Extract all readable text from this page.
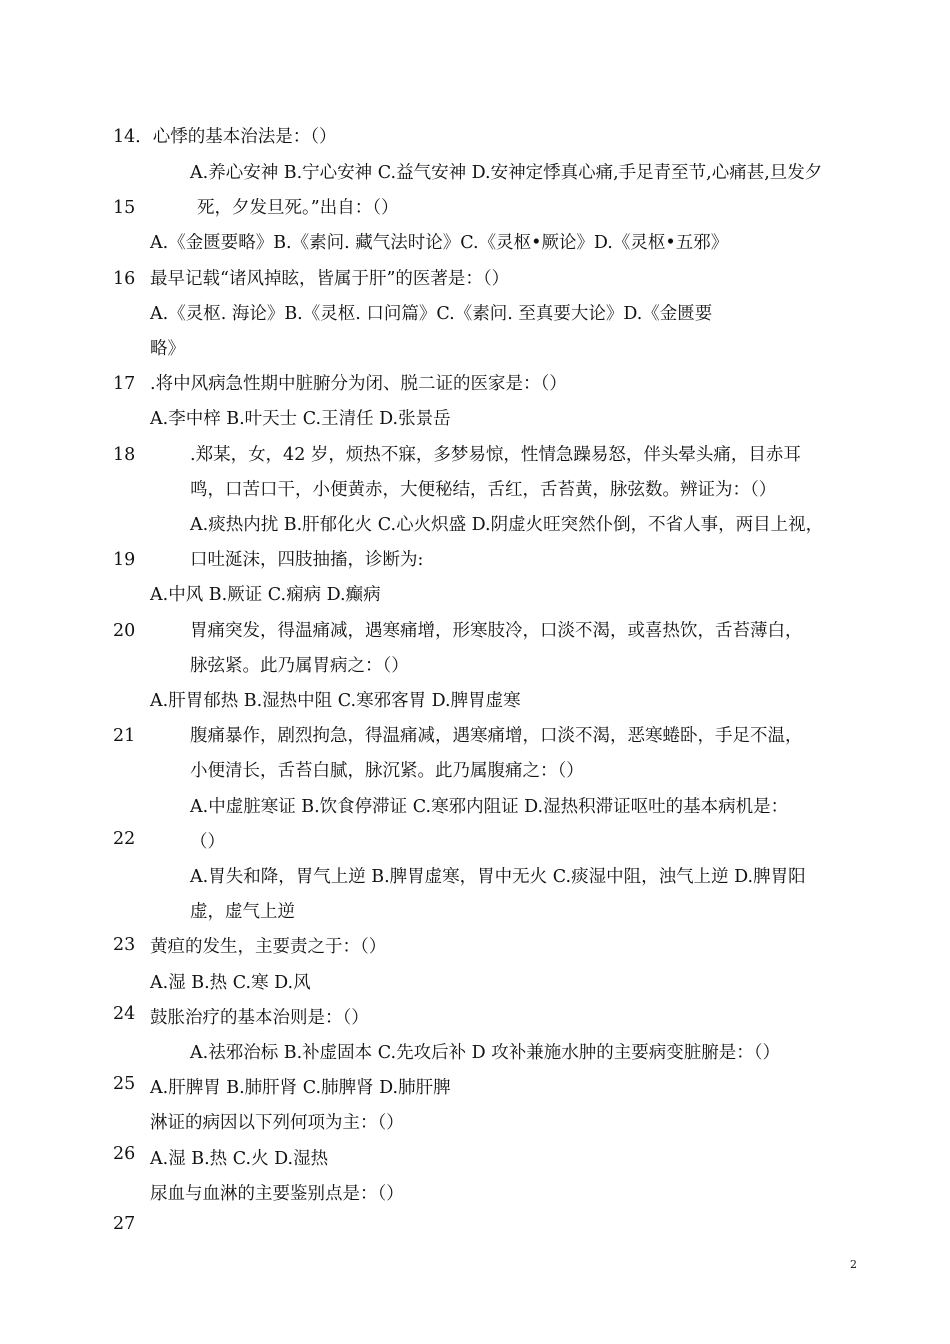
14．心悸的基本治法是：（）
A.养心安神 B.宁心安神 C.益气安神 D.安神定悸真心痛,手足青至节,心痛甚,旦发夕
死，夕发旦死。”出自：（）
A.《金匮要略》B.《素问. 藏气法时论》C.《灵枢•厥论》D.《灵枢•五邪》
最早记载“诸风掉眩，皆属于肝”的医著是：（）
A.《灵枢. 海论》B.《灵枢. 口问篇》C.《素问. 至真要大论》D.《金匮要
略》
.将中风病急性期中脏腑分为闭、脱二证的医家是：（）
A.李中梓 B.叶天士 C.王清任 D.张景岳
.郑某，女，42 岁，烦热不寐，多梦易惊，性情急躁易怒，伴头晕头痛，目赤耳
鸣，口苦口干，小便黄赤，大便秘结，舌红，舌苔黄，脉弦数。辨证为：（）
A.痰热内扰 B.肝郁化火 C.心火炽盛 D.阴虚火旺突然仆倒，不省人事，两目上视，
口吐涎沫，四肢抽搐，诊断为:
A.中风 B.厥证 C.痫病 D.癫病
胃痛突发，得温痛减，遇寒痛增，形寒肢冷，口淡不渴，或喜热饮，舌苔薄白，
脉弦紧。此乃属胃病之：（）
A.肝胃郁热 B.湿热中阻 C.寒邪客胃 D.脾胃虚寒
腹痛暴作，剧烈拘急，得温痛减，遇寒痛增，口淡不渴，恶寒蜷卧，手足不温，
小便清长，舌苔白腻，脉沉紧。此乃属腹痛之：（）
A.中虚脏寒证 B.饮食停滞证 C.寒邪内阻证 D.湿热积滞证呕吐的基本病机是：
（）
A.胃失和降，胃气上逆 B.脾胃虚寒，胃中无火 C.痰湿中阻，浊气上逆 D.脾胃阳
虚，虚气上逆
黄疸的发生，主要责之于：（）
A.湿 B.热 C.寒 D.风
鼓胀治疗的基本治则是：（）
A.祛邪治标 B.补虚固本 C.先攻后补 D 攻补兼施水肿的主要病变脏腑是：（）
A.肝脾胃 B.肺肝肾 C.肺脾肾 D.肺肝脾
淋证的病因以下列何项为主：（）
A.湿 B.热 C.火 D.湿热
尿血与血淋的主要鉴别点是：（）
15
16
17
18
19
20
21
22
23
24
25
26
27
2
